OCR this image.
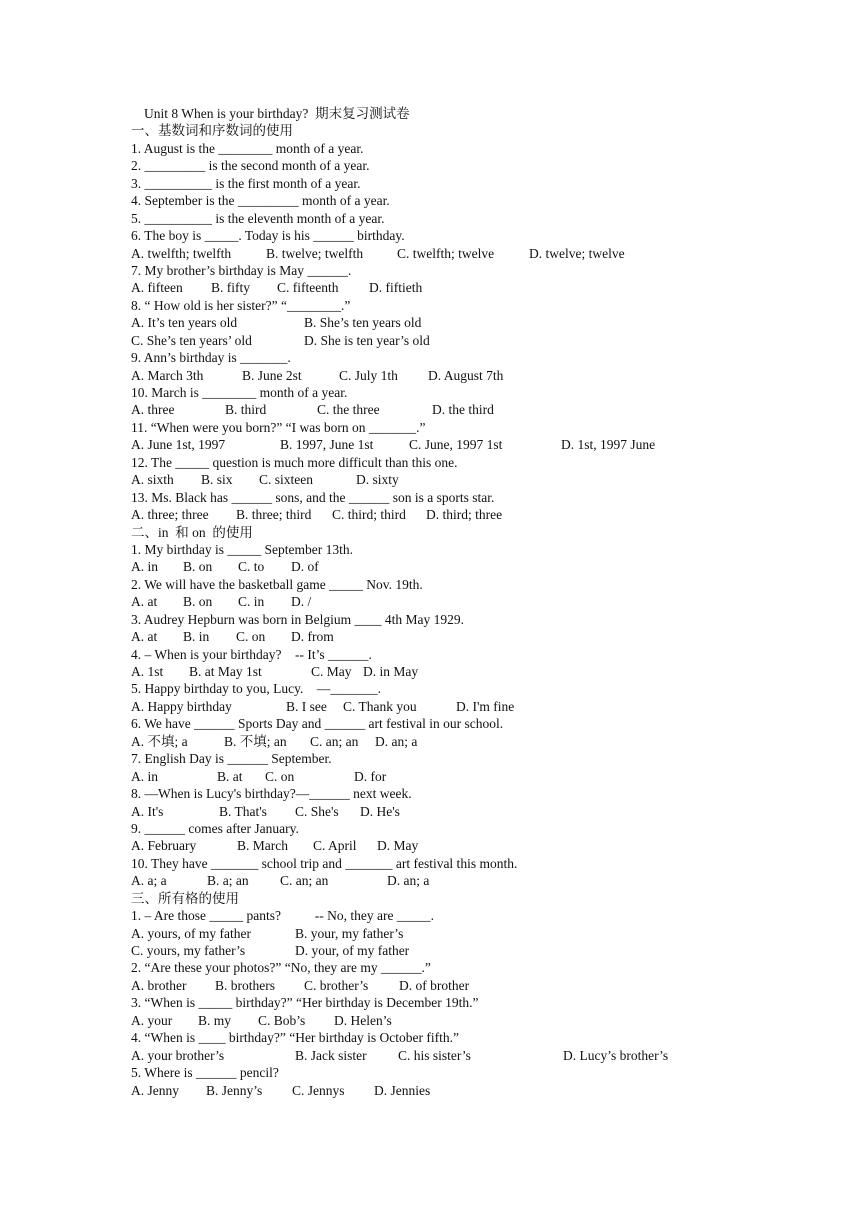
Unit 8 When is your birthday?  期末复习测试卷
一、基数词和序数词的使用
1. August is the ________ month of a year.
2. _________ is the second month of a year.
3. __________ is the first month of a year.
4. September is the _________ month of a year.
5. __________ is the eleventh month of a year.
6. The boy is _____. Today is his ______ birthday.

A. twelfth; twelfth

	B. twelve; twelfth

	C. twelfth; twelve

	D. twelve; twelve

7. My brother’s birthday is May ______.

A. fifteen

B. fifty

C. fifteenth

D. fiftieth

8. “ How old is her sister?” “________.”

A. It’s ten years old

	B. She’s ten years old

C. She’s ten years’ old

	D. She is ten year’s old

9. Ann’s birthday is _______.

A. March 3th

	B. June 2st

	C. July 1th

D. August 7th

10. March is ________ month of a year.

A. three

	B. third

	C. the three

	D. the third

11. “When were you born?” “I was born on _______.”

A. June 1st, 1997

	B. 1997, June 1st

	C. June, 1997 1st

	D. 1st, 1997 June

12. The _____ question is much more difficult than this one.

A. sixth

B. six

C. sixteen

	D. sixty

13. Ms. Black has ______ sons, and the ______ son is a sports star.

A. three; three

B. three; third

C. third; third

D. third; three

二、in  和 on  的使用
1. My birthday is _____ September 13th.

A. in

B. on

C. to

D. of

2. We will have the basketball game _____ Nov. 19th.

A. at

B. on

C. in

D. /

3. Audrey Hepburn was born in Belgium ____ 4th May 1929.

A. at

B. in

C. on

D. from

4. – When is your birthday?    -- It’s ______.

A. 1st

B. at May 1st

	C. May

D. in May

5. Happy birthday to you, Lucy.    —_______.

A. Happy birthday

	B. I see

C. Thank you

	D. I'm fine

6. We have ______ Sports Day and ______ art festival in our school.

A. 不填; a

	B. 不填; an

C. an; an

D. an; a

7. English Day is ______ September.

A. in

	B. at

C. on

	D. for

8. —When is Lucy's birthday?—______ next week.

A. It's

	B. That's

C. She's

D. He's

9. ______ comes after January.

A. February

	B. March

C. April

D. May

10. They have _______ school trip and _______ art festival this month.

A. a; a

	B. a; an

C. an; an

	D. an; a

三、所有格的使用
1. – Are those _____ pants?          -- No, they are _____.

A. yours, of my father

	B. your, my father’s

C. yours, my father’s

	D. your, of my father

2. “Are these your photos?” “No, they are my ______.”

A. brother

B. brothers

C. brother’s

D. of brother

3. “When is _____ birthday?” “Her birthday is December 19th.”

A. your

B. my

C. Bob’s

D. Helen’s

4. “When is ____ birthday?” “Her birthday is October fifth.”

A. your brother’s

	B. Jack sister

C. his sister’s

	D. Lucy’s brother’s

5. Where is ______ pencil?

A. Jenny

B. Jenny’s

C. Jennys

D. Jennies
